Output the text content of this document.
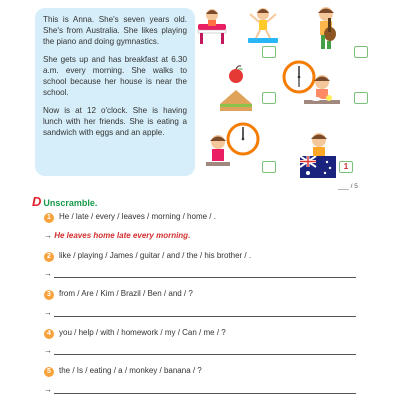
This is Anna. She's seven years old. She's from Australia. She likes playing the piano and doing gymnastics.

She gets up and has breakfast at 6.30 a.m. every morning. She walks to school because her house is near the school.

Now is at 12 o'clock. She is having lunch with her friends. She is eating a sandwich with eggs and an apple.

1
___ / 5
D Unscramble.
1 He / late / every / leaves / morning / home / .
→ He leaves home late every morning.
2 like / playing / James / guitar / and / the / his brother / .
→
3 from / Are / Kim / Brazil / Ben / and / ?
→
4 you / help / with / homework / my / Can / me / ?
→
5 the / Is / eating / a / monkey / banana / ?
→
